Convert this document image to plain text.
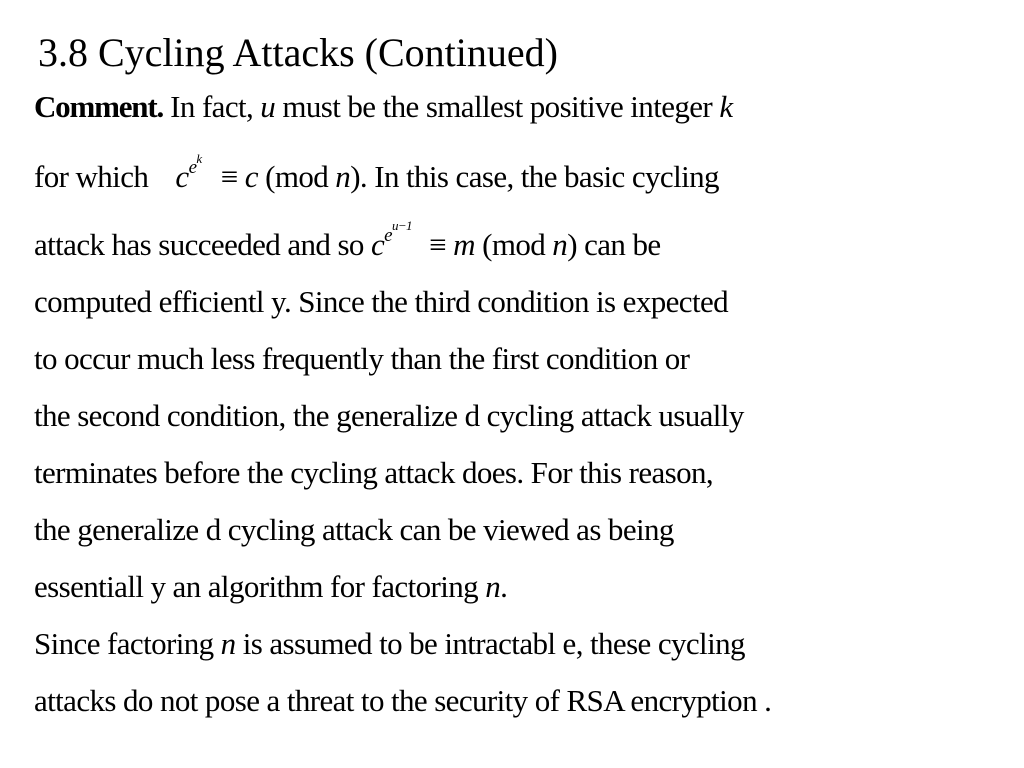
3.8 Cycling Attacks (Continued)
Comment. In fact, u must be the smallest positive integer k
for which $c^{ek} \equiv c$ (mod n). In this case, the basic cycling
attack has succeeded and so $c^{eu-1} \equiv m$ (mod n) can be
computed efficientl y. Since the third condition is expected
to occur much less frequently than the first condition or
the second condition, the generalize d cycling attack usually
terminates before the cycling attack does. For this reason,
the generalize d cycling attack can be viewed as being
essentiall y an algorithm for factoring n.
Since factoring n is assumed to be intractabl e, these cycling
attacks do not pose a threat to the security of RSA encryption .
